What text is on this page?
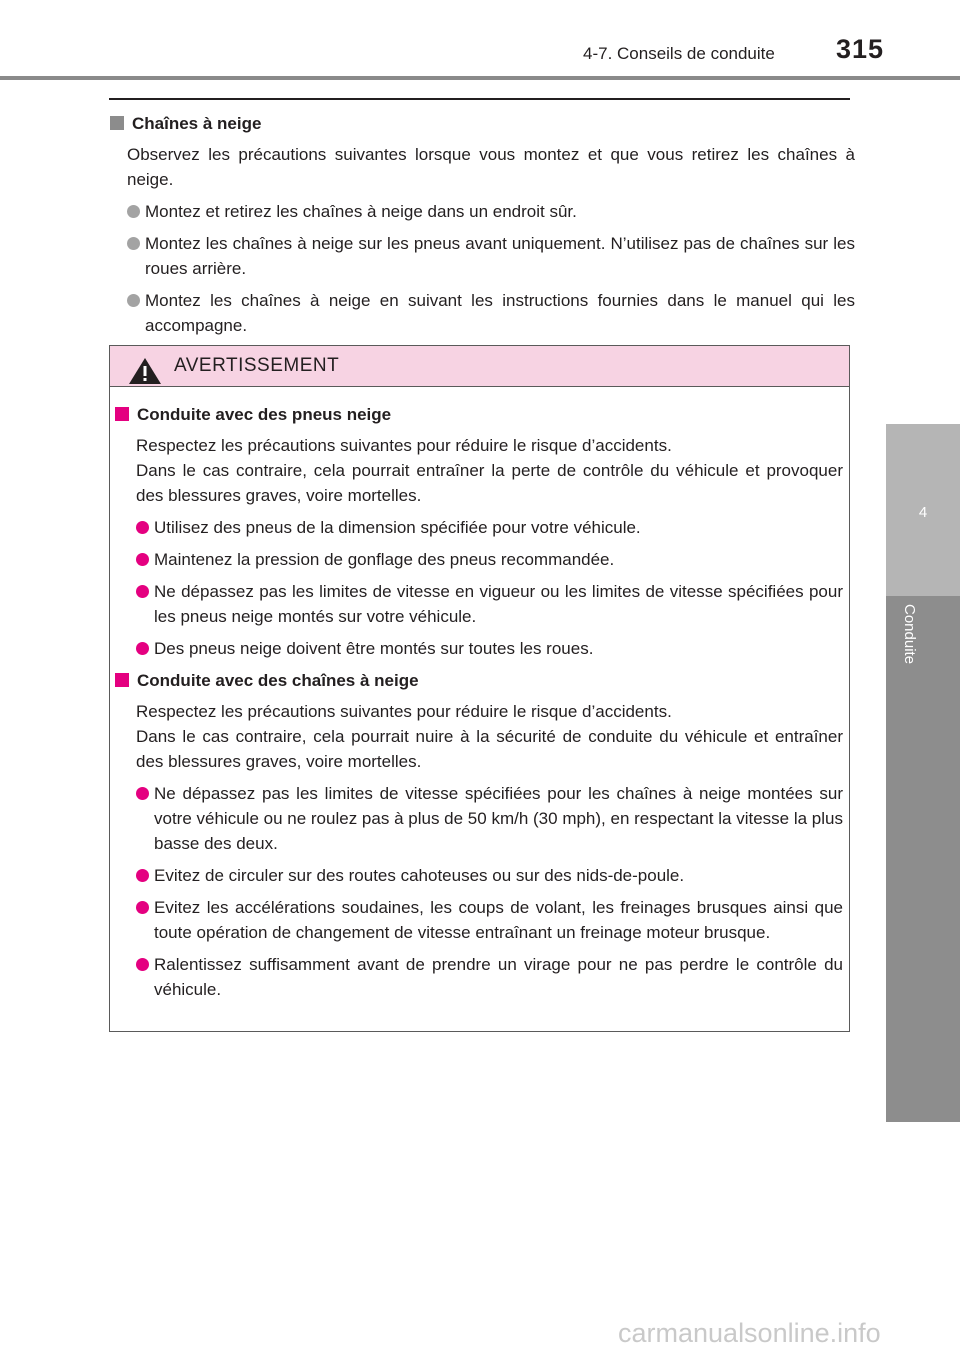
4-7. Conseils de conduite 315
4
Conduite

Chaînes à neige

Observez les précautions suivantes lorsque vous montez et que vous retirez les chaînes à neige.

Montez et retirez les chaînes à neige dans un endroit sûr.
Montez les chaînes à neige sur les pneus avant uniquement. N’utilisez pas de chaînes sur les roues arrière.
Montez les chaînes à neige en suivant les instructions fournies dans le manuel qui les accompagne.
AVERTISSEMENT

Conduite avec des pneus neige

Respectez les précautions suivantes pour réduire le risque d’accidents.
Dans le cas contraire, cela pourrait entraîner la perte de contrôle du véhicule et provoquer des blessures graves, voire mortelles.

Utilisez des pneus de la dimension spécifiée pour votre véhicule.
Maintenez la pression de gonflage des pneus recommandée.
Ne dépassez pas les limites de vitesse en vigueur ou les limites de vitesse spécifiées pour les pneus neige montés sur votre véhicule.
Des pneus neige doivent être montés sur toutes les roues.

Conduite avec des chaînes à neige

Respectez les précautions suivantes pour réduire le risque d’accidents.
Dans le cas contraire, cela pourrait nuire à la sécurité de conduite du véhicule et entraîner des blessures graves, voire mortelles.

Ne dépassez pas les limites de vitesse spécifiées pour les chaînes à neige montées sur votre véhicule ou ne roulez pas à plus de 50 km/h (30 mph), en respectant la vitesse la plus basse des deux.
Evitez de circuler sur des routes cahoteuses ou sur des nids-de-poule.
Evitez les accélérations soudaines, les coups de volant, les freinages brusques ainsi que toute opération de changement de vitesse entraînant un freinage moteur brusque.
Ralentissez suffisamment avant de prendre un virage pour ne pas perdre le contrôle du véhicule.
carmanualsonline.info
